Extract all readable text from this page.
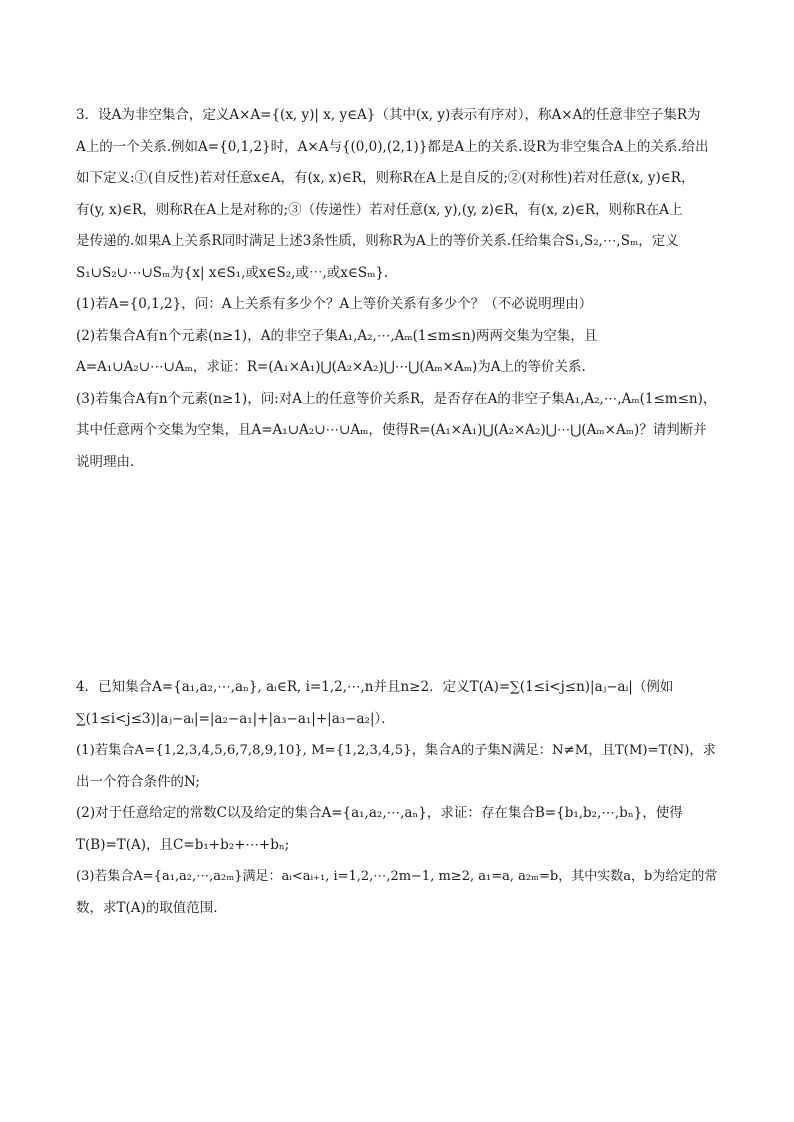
3．设A为非空集合，定义A×A={(x, y)| x, y∈A}（其中(x, y)表示有序对），称A×A的任意非空子集R为
A上的一个关系.例如A={0,1,2}时，A×A与{(0,0),(2,1)}都是A上的关系.设R为非空集合A上的关系.给出
如下定义:①(自反性)若对任意x∈A，有(x, x)∈R，则称R在A上是自反的;②(对称性)若对任意(x, y)∈R，
有(y, x)∈R，则称R在A上是对称的;③（传递性）若对任意(x, y),(y, z)∈R，有(x, z)∈R，则称R在A上
是传递的.如果A上关系R同时满足上述3条性质，则称R为A上的等价关系.任给集合S₁,S₂,⋯,Sₘ，定义
S₁∪S₂∪⋯∪Sₘ为{x| x∈S₁,或x∈S₂,或⋯,或x∈Sₘ}.
(1)若A={0,1,2}，问：A上关系有多少个？A上等价关系有多少个？（不必说明理由）
(2)若集合A有n个元素(n≥1)，A的非空子集A₁,A₂,⋯,Aₘ(1≤m≤n)两两交集为空集，且
A=A₁∪A₂∪⋯∪Aₘ，求证：R=(A₁×A₁)⋃(A₂×A₂)⋃⋯⋃(Aₘ×Aₘ)为A上的等价关系.
(3)若集合A有n个元素(n≥1)，问:对A上的任意等价关系R，是否存在A的非空子集A₁,A₂,⋯,Aₘ(1≤m≤n)，
其中任意两个交集为空集，且A=A₁∪A₂∪⋯∪Aₘ，使得R=(A₁×A₁)⋃(A₂×A₂)⋃⋯⋃(Aₘ×Aₘ)？请判断并
说明理由.
4．已知集合A={a₁,a₂,⋯,aₙ}, aᵢ∈R, i=1,2,⋯,n并且n≥2．定义T(A)=∑(1≤i<j≤n)|aⱼ−aᵢ|（例如
∑(1≤i<j≤3)|aⱼ−aᵢ|=|a₂−a₁|+|a₃−a₁|+|a₃−a₂|）．
(1)若集合A={1,2,3,4,5,6,7,8,9,10}, M={1,2,3,4,5}，集合A的子集N满足：N≠M，且T(M)=T(N)，求
出一个符合条件的N;
(2)对于任意给定的常数C以及给定的集合A={a₁,a₂,⋯,aₙ}，求证：存在集合B={b₁,b₂,⋯,bₙ}，使得
T(B)=T(A)，且C=b₁+b₂+⋯+bₙ;
(3)若集合A={a₁,a₂,⋯,a₂ₘ}满足：aᵢ<aᵢ₊₁, i=1,2,⋯,2m−1, m≥2, a₁=a, a₂ₘ=b，其中实数a，b为给定的常
数，求T(A)的取值范围.
